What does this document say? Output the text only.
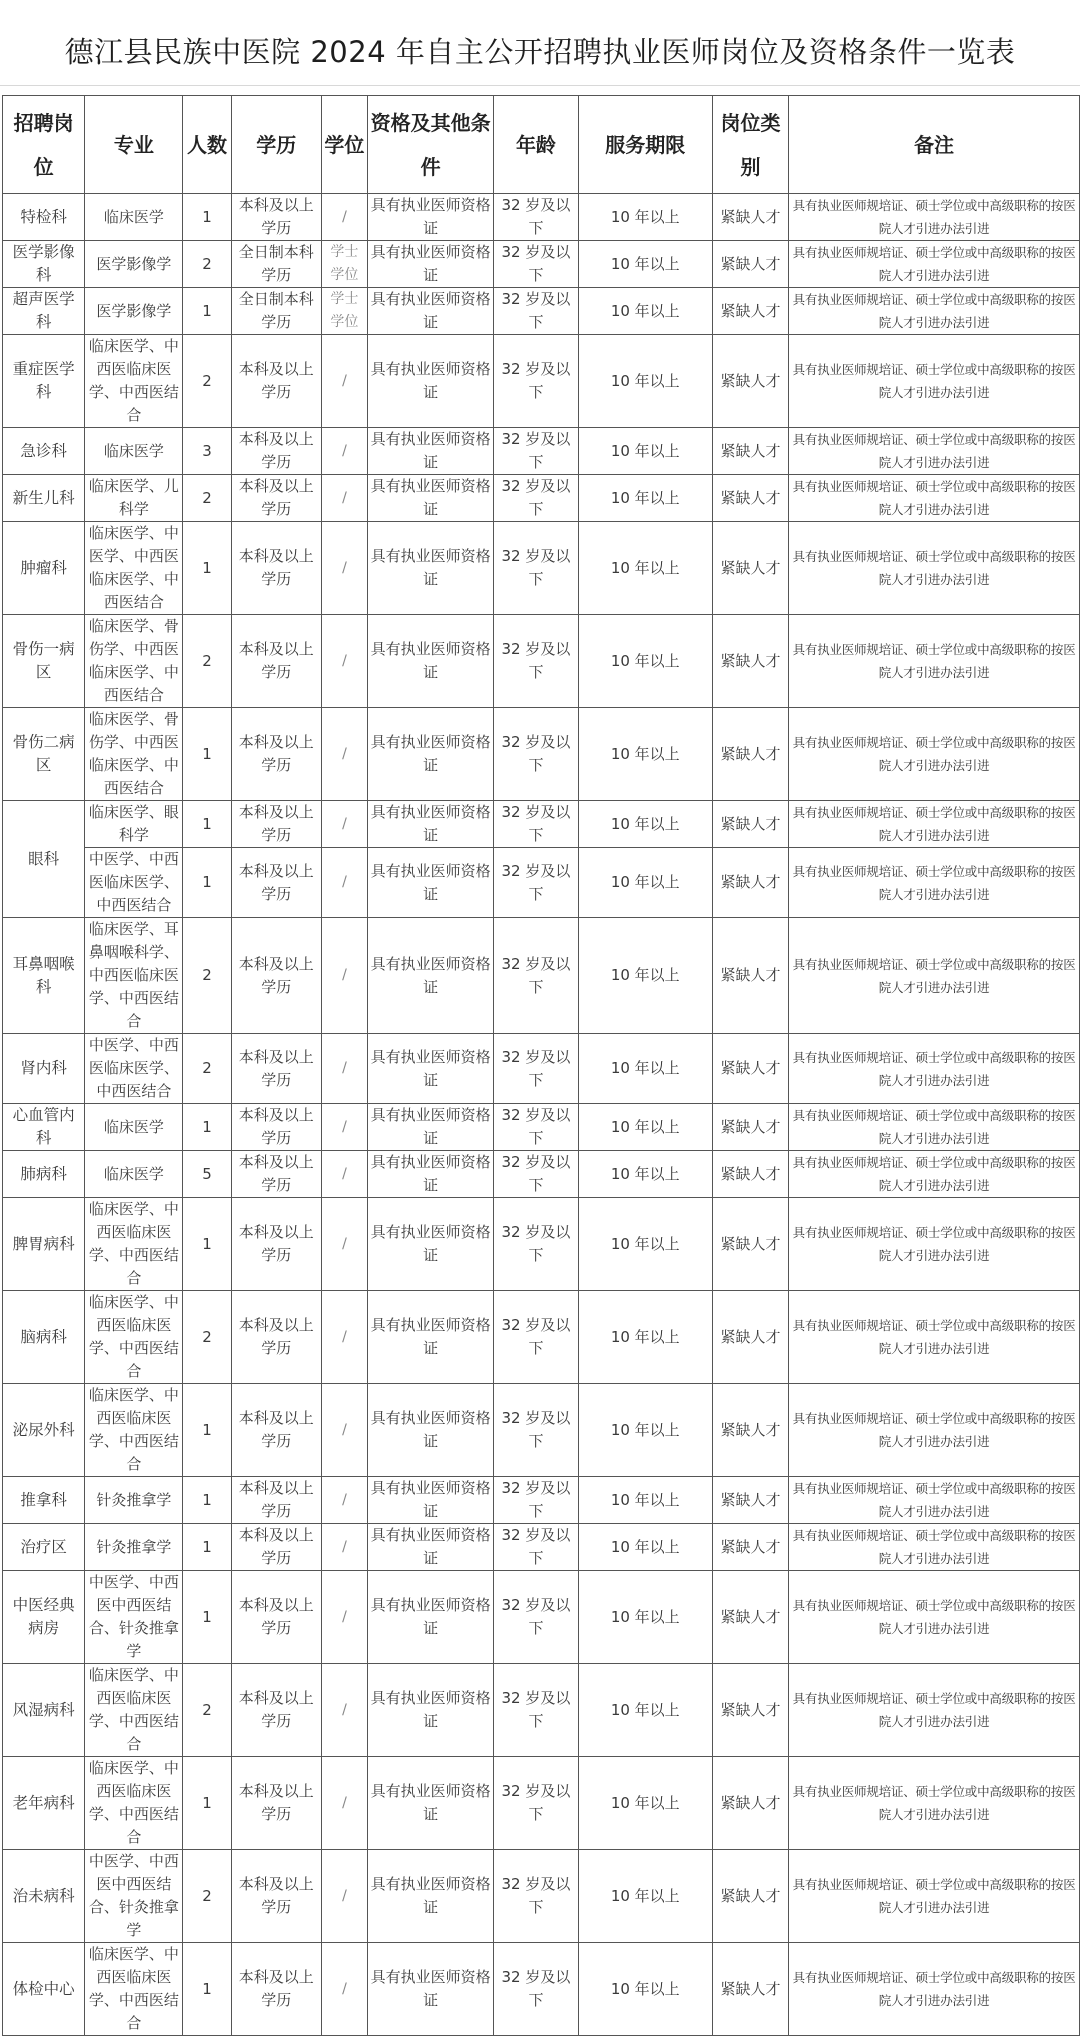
德江县民族中医院 2024 年自主公开招聘执业医师岗位及资格条件一览表
招聘岗位	专业	人数	学历	学位	资格及其他条件	年龄	服务期限	岗位类别	备注
特检科	临床医学	1	本科及以上学历	/	具有执业医师资格证	32 岁及以下	10 年以上	紧缺人才	具有执业医师规培证、硕士学位或中高级职称的按医院人才引进办法引进
医学影像科	医学影像学	2	全日制本科学历	学士学位	具有执业医师资格证	32 岁及以下	10 年以上	紧缺人才	具有执业医师规培证、硕士学位或中高级职称的按医院人才引进办法引进
超声医学科	医学影像学	1	全日制本科学历	学士学位	具有执业医师资格证	32 岁及以下	10 年以上	紧缺人才	具有执业医师规培证、硕士学位或中高级职称的按医院人才引进办法引进
重症医学科	临床医学、中西医临床医学、中西医结合	2	本科及以上学历	/	具有执业医师资格证	32 岁及以下	10 年以上	紧缺人才	具有执业医师规培证、硕士学位或中高级职称的按医院人才引进办法引进
急诊科	临床医学	3	本科及以上学历	/	具有执业医师资格证	32 岁及以下	10 年以上	紧缺人才	具有执业医师规培证、硕士学位或中高级职称的按医院人才引进办法引进
新生儿科	临床医学、儿科学	2	本科及以上学历	/	具有执业医师资格证	32 岁及以下	10 年以上	紧缺人才	具有执业医师规培证、硕士学位或中高级职称的按医院人才引进办法引进
肿瘤科	临床医学、中医学、中西医临床医学、中西医结合	1	本科及以上学历	/	具有执业医师资格证	32 岁及以下	10 年以上	紧缺人才	具有执业医师规培证、硕士学位或中高级职称的按医院人才引进办法引进
骨伤一病区	临床医学、骨伤学、中西医临床医学、中西医结合	2	本科及以上学历	/	具有执业医师资格证	32 岁及以下	10 年以上	紧缺人才	具有执业医师规培证、硕士学位或中高级职称的按医院人才引进办法引进
骨伤二病区	临床医学、骨伤学、中西医临床医学、中西医结合	1	本科及以上学历	/	具有执业医师资格证	32 岁及以下	10 年以上	紧缺人才	具有执业医师规培证、硕士学位或中高级职称的按医院人才引进办法引进
眼科	临床医学、眼科学	1	本科及以上学历	/	具有执业医师资格证	32 岁及以下	10 年以上	紧缺人才	具有执业医师规培证、硕士学位或中高级职称的按医院人才引进办法引进
	中医学、中西医临床医学、中西医结合	1	本科及以上学历	/	具有执业医师资格证	32 岁及以下	10 年以上	紧缺人才	具有执业医师规培证、硕士学位或中高级职称的按医院人才引进办法引进
耳鼻咽喉科	临床医学、耳鼻咽喉科学、中西医临床医学、中西医结合	2	本科及以上学历	/	具有执业医师资格证	32 岁及以下	10 年以上	紧缺人才	具有执业医师规培证、硕士学位或中高级职称的按医院人才引进办法引进
肾内科	中医学、中西医临床医学、中西医结合	2	本科及以上学历	/	具有执业医师资格证	32 岁及以下	10 年以上	紧缺人才	具有执业医师规培证、硕士学位或中高级职称的按医院人才引进办法引进
心血管内科	临床医学	1	本科及以上学历	/	具有执业医师资格证	32 岁及以下	10 年以上	紧缺人才	具有执业医师规培证、硕士学位或中高级职称的按医院人才引进办法引进
肺病科	临床医学	5	本科及以上学历	/	具有执业医师资格证	32 岁及以下	10 年以上	紧缺人才	具有执业医师规培证、硕士学位或中高级职称的按医院人才引进办法引进
脾胃病科	临床医学、中西医临床医学、中西医结合	1	本科及以上学历	/	具有执业医师资格证	32 岁及以下	10 年以上	紧缺人才	具有执业医师规培证、硕士学位或中高级职称的按医院人才引进办法引进
脑病科	临床医学、中西医临床医学、中西医结合	2	本科及以上学历	/	具有执业医师资格证	32 岁及以下	10 年以上	紧缺人才	具有执业医师规培证、硕士学位或中高级职称的按医院人才引进办法引进
泌尿外科	临床医学、中西医临床医学、中西医结合	1	本科及以上学历	/	具有执业医师资格证	32 岁及以下	10 年以上	紧缺人才	具有执业医师规培证、硕士学位或中高级职称的按医院人才引进办法引进
推拿科	针灸推拿学	1	本科及以上学历	/	具有执业医师资格证	32 岁及以下	10 年以上	紧缺人才	具有执业医师规培证、硕士学位或中高级职称的按医院人才引进办法引进
治疗区	针灸推拿学	1	本科及以上学历	/	具有执业医师资格证	32 岁及以下	10 年以上	紧缺人才	具有执业医师规培证、硕士学位或中高级职称的按医院人才引进办法引进
中医经典病房	中医学、中西医中西医结合、针灸推拿学	1	本科及以上学历	/	具有执业医师资格证	32 岁及以下	10 年以上	紧缺人才	具有执业医师规培证、硕士学位或中高级职称的按医院人才引进办法引进
风湿病科	临床医学、中西医临床医学、中西医结合	2	本科及以上学历	/	具有执业医师资格证	32 岁及以下	10 年以上	紧缺人才	具有执业医师规培证、硕士学位或中高级职称的按医院人才引进办法引进
老年病科	临床医学、中西医临床医学、中西医结合	1	本科及以上学历	/	具有执业医师资格证	32 岁及以下	10 年以上	紧缺人才	具有执业医师规培证、硕士学位或中高级职称的按医院人才引进办法引进
治未病科	中医学、中西医中西医结合、针灸推拿学	2	本科及以上学历	/	具有执业医师资格证	32 岁及以下	10 年以上	紧缺人才	具有执业医师规培证、硕士学位或中高级职称的按医院人才引进办法引进
体检中心	临床医学、中西医临床医学、中西医结合	1	本科及以上学历	/	具有执业医师资格证	32 岁及以下	10 年以上	紧缺人才	具有执业医师规培证、硕士学位或中高级职称的按医院人才引进办法引进
